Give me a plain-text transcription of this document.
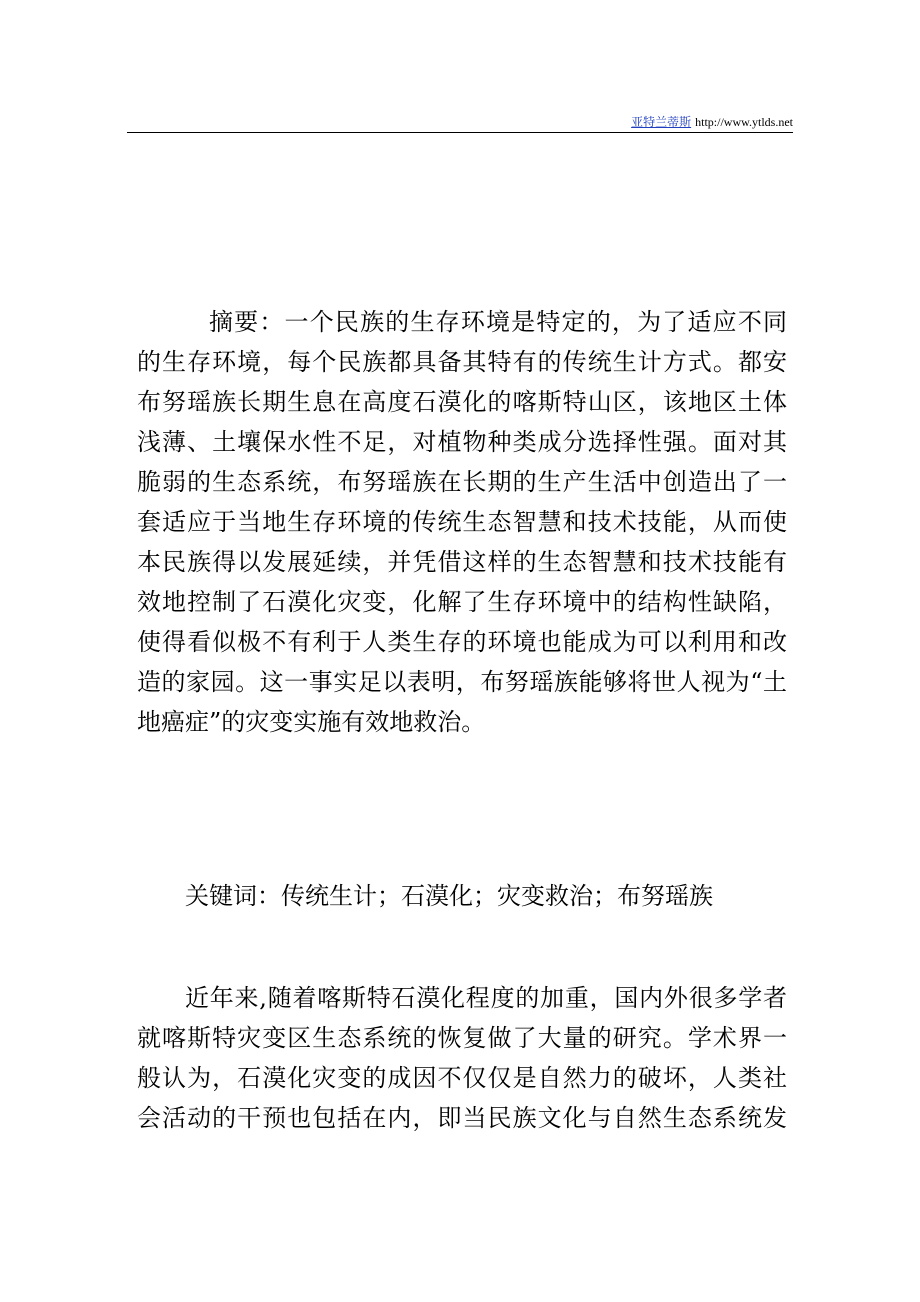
亚特兰蒂斯 http://www.ytlds.net
摘要：一个民族的生存环境是特定的，为了适应不同
的生存环境，每个民族都具备其特有的传统生计方式。都安
布努瑶族长期生息在高度石漠化的喀斯特山区，该地区土体
浅薄、土壤保水性不足，对植物种类成分选择性强。面对其
脆弱的生态系统，布努瑶族在长期的生产生活中创造出了一
套适应于当地生存环境的传统生态智慧和技术技能，从而使
本民族得以发展延续，并凭借这样的生态智慧和技术技能有
效地控制了石漠化灾变，化解了生存环境中的结构性缺陷，
使得看似极不有利于人类生存的环境也能成为可以利用和改
造的家园。这一事实足以表明，布努瑶族能够将世人视为“土
地癌症”的灾变实施有效地救治。
关键词：传统生计；石漠化；灾变救治；布努瑶族
近年来,随着喀斯特石漠化程度的加重，国内外很多学者
就喀斯特灾变区生态系统的恢复做了大量的研究。学术界一
般认为，石漠化灾变的成因不仅仅是自然力的破坏，人类社
会活动的干预也包括在内，即当民族文化与自然生态系统发
